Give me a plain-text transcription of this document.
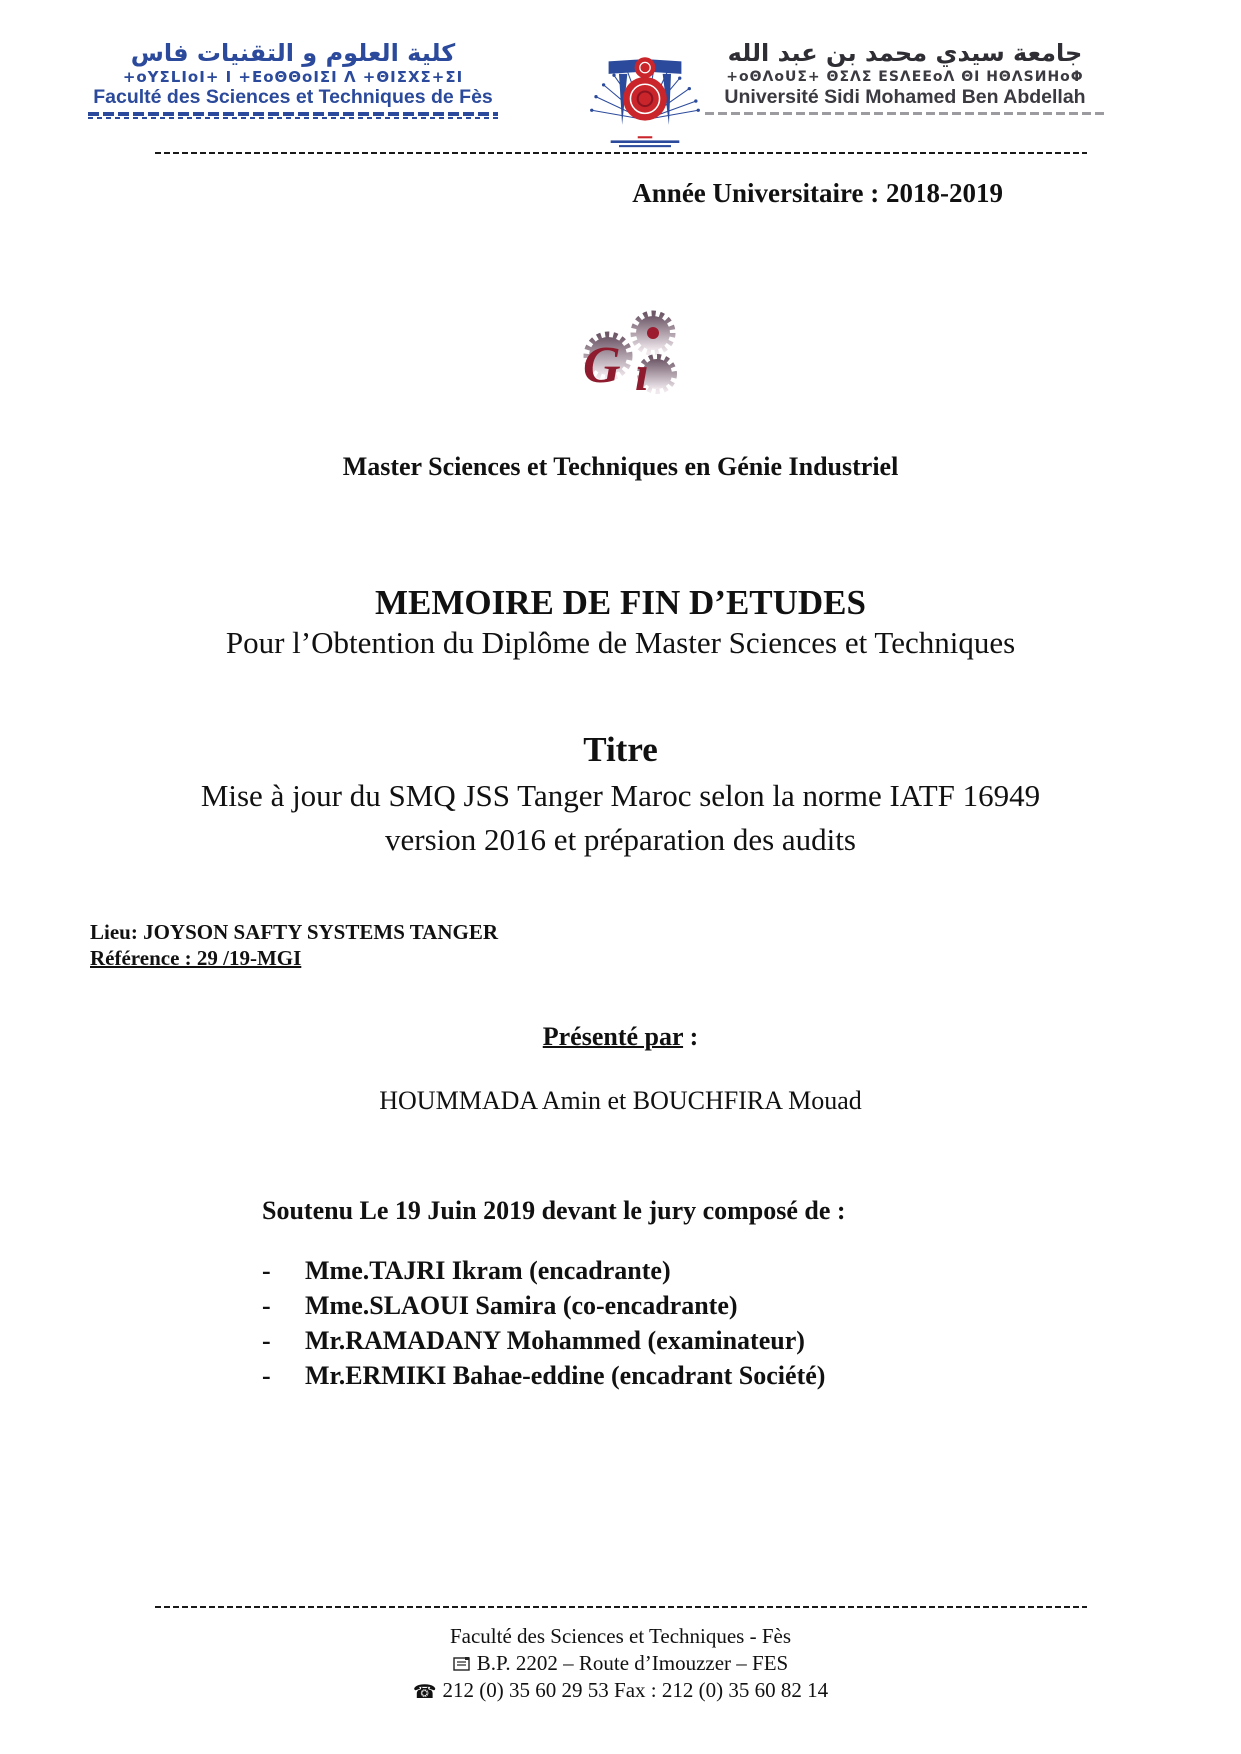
كلية العلوم و التقنيات فاس
+oYΣLIoI+ I +EoΘΘoIΣI Λ +ΘIΣXΣ+ΣI
Faculté des Sciences et Techniques de Fès
جامعة سيدي محمد بن عبد الله
+oΘΛoUΣ+ ΘΣΛΣ ΕSΛΕΕoΛ ΘΙ ΗΘΛSИНoΦ
Université Sidi Mohamed Ben Abdellah
Année Universitaire : 2018-2019
G ı
Master Sciences et Techniques en Génie Industriel
MEMOIRE DE FIN D’ETUDES
Pour l’Obtention du Diplôme de Master Sciences et Techniques
Titre
Mise à jour du SMQ JSS Tanger Maroc selon la norme IATF 16949
version 2016 et préparation des audits
Lieu: JOYSON SAFTY SYSTEMS TANGER
Référence : 29 /19-MGI
Présenté par :
HOUMMADA Amin et BOUCHFIRA Mouad
Soutenu Le 19 Juin 2019 devant le jury composé de :
-	Mme.TAJRI Ikram (encadrante)
-	Mme.SLAOUI Samira (co-encadrante)
-	Mr.RAMADANY Mohammed (examinateur)
-	Mr.ERMIKI Bahae-eddine (encadrant Société)
Faculté des Sciences et Techniques - Fès
B.P. 2202 – Route d’Imouzzer – FES
☎ 212 (0) 35 60 29 53 Fax : 212 (0) 35 60 82 14
